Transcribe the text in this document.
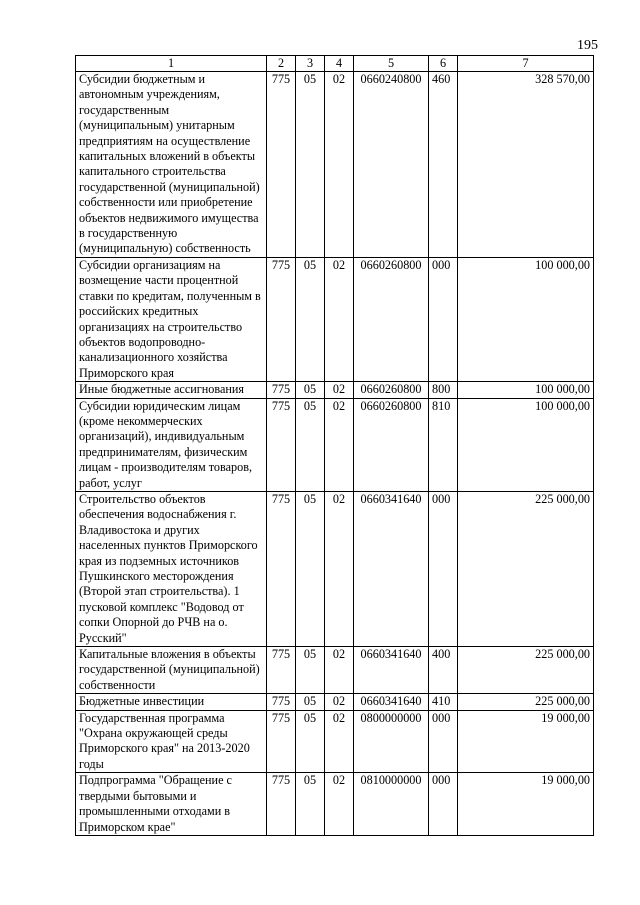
195
1	2	3	4	5	6	7
Субсидии бюджетным и автономным учреждениям, государственным (муниципальным) унитарным предприятиям на осуществление капитальных вложений в объекты капитального строительства государственной (муниципальной) собственности или приобретение объектов недвижимого имущества в государственную (муниципальную) собственность	775	05	02	0660240800	460	328 570,00
Субсидии организациям на возмещение части процентной ставки по кредитам, полученным в российских кредитных организациях на строительство объектов водопроводно-канализационного хозяйства Приморского края	775	05	02	0660260800	000	100 000,00
Иные бюджетные ассигнования	775	05	02	0660260800	800	100 000,00
Субсидии юридическим лицам (кроме некоммерческих организаций), индивидуальным предпринимателям, физическим лицам - производителям товаров, работ, услуг	775	05	02	0660260800	810	100 000,00
Строительство объектов обеспечения водоснабжения г. Владивостока и других населенных пунктов Приморского края из подземных источников Пушкинского месторождения (Второй этап строительства). 1 пусковой комплекс "Водовод от сопки Опорной до РЧВ на о. Русский"	775	05	02	0660341640	000	225 000,00
Капитальные вложения в объекты государственной (муниципальной) собственности	775	05	02	0660341640	400	225 000,00
Бюджетные инвестиции	775	05	02	0660341640	410	225 000,00
Государственная программа "Охрана окружающей среды Приморского края" на 2013-2020 годы	775	05	02	0800000000	000	19 000,00
Подпрограмма "Обращение с твердыми бытовыми и промышленными отходами в Приморском крае"	775	05	02	0810000000	000	19 000,00
